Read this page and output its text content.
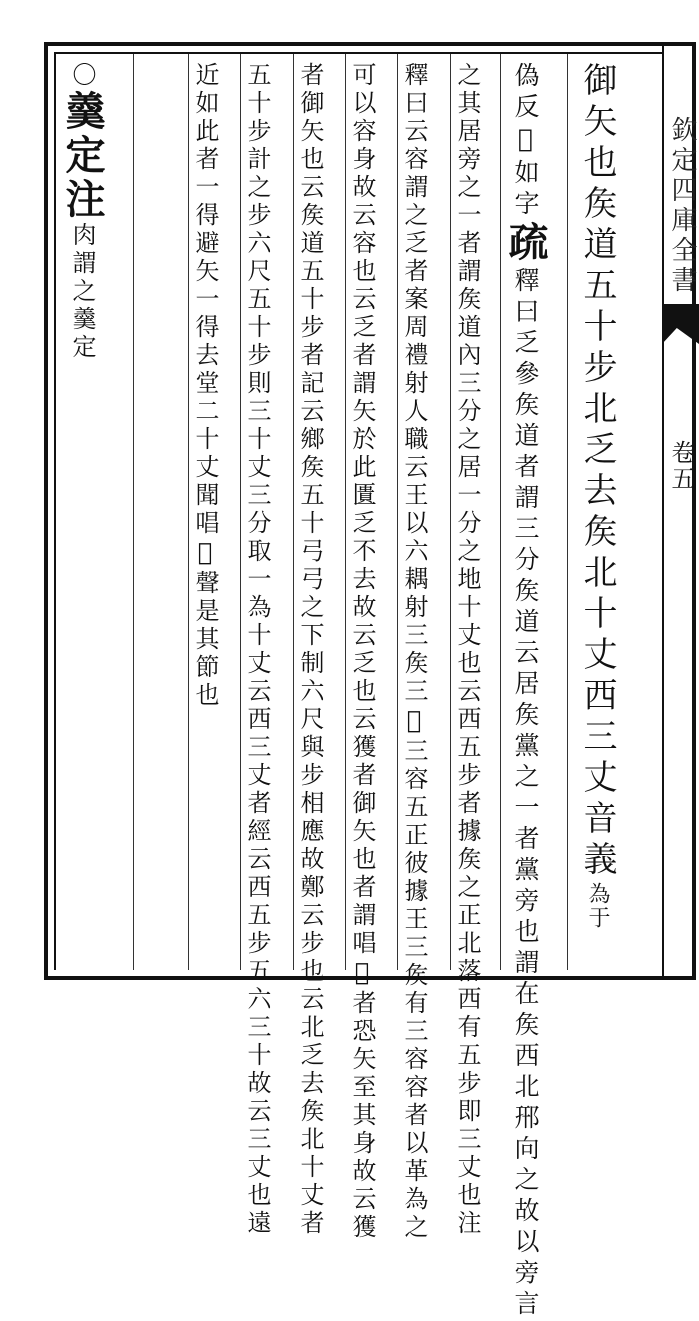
御矢也矦道五十步北乏去矦北十丈西三丈音義為于
偽反𧶫如字疏釋曰乏參矦道者謂三分矦道云居矦黨之一者黨旁也謂在矦西北郉向之故以旁言
之其居旁之一者謂矦道內三分之居一分之地十丈也云西五步者據矦之正北落西有五步即三丈也注
釋曰云容謂之乏者案周禮射人職云王以六耦射三矦三𧶫三容五正彼據王三矦有三容容者以革為之
可以容身故云容也云乏者謂矢於此匱乏不去故云乏也云獲者御矢也者謂唱𧶫者恐矢至其身故云獲
者御矢也云矦道五十步者記云鄉矦五十弓弓之下制六尺與步相應故鄭云步也云北乏去矦北十丈者
五十步計之步六尺五十步則三十丈三分取一為十丈云西三丈者經云西五步五六三十故云三丈也遠
近如此者一得避矢一得去堂二十丈聞唱𧶫聲是其節也
〇羹定注肉謂之羹定	欽定四庫全書
卷五
